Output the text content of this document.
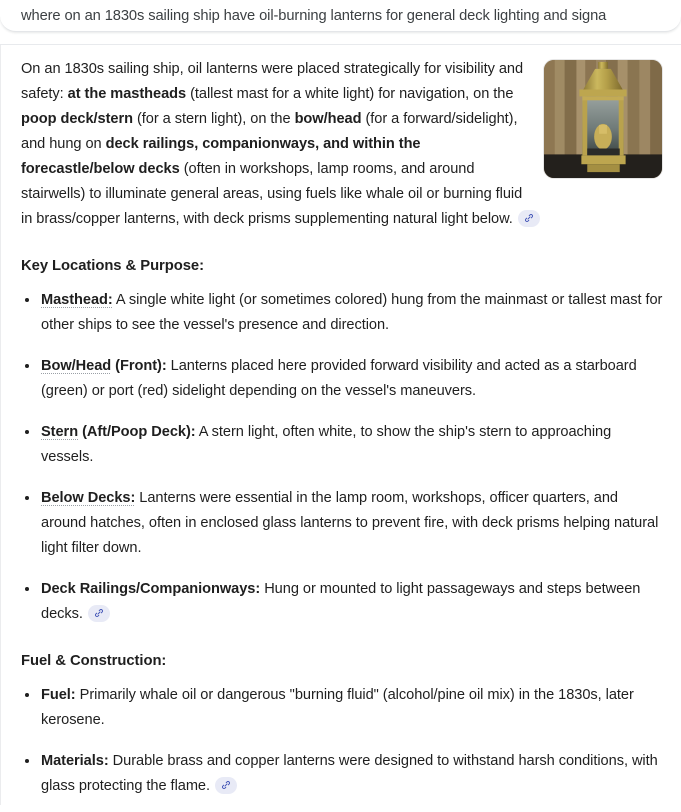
where on an 1830s sailing ship have oil-burning lanterns for general deck lighting and signa
On an 1830s sailing ship, oil lanterns were placed strategically for visibility and safety: at the mastheads (tallest mast for a white light) for navigation, on the poop deck/stern (for a stern light), on the bow/head (for a forward/sidelight), and hung on deck railings, companionways, and within the forecastle/below decks (often in workshops, lamp rooms, and around stairwells) to illuminate general areas, using fuels like whale oil or burning fluid in brass/copper lanterns, with deck prisms supplementing natural light below.
Key Locations & Purpose:
Masthead: A single white light (or sometimes colored) hung from the mainmast or tallest mast for other ships to see the vessel's presence and direction.
Bow/Head (Front): Lanterns placed here provided forward visibility and acted as a starboard (green) or port (red) sidelight depending on the vessel's maneuvers.
Stern (Aft/Poop Deck): A stern light, often white, to show the ship's stern to approaching vessels.
Below Decks: Lanterns were essential in the lamp room, workshops, officer quarters, and around hatches, often in enclosed glass lanterns to prevent fire, with deck prisms helping natural light filter down.
Deck Railings/Companionways: Hung or mounted to light passageways and steps between decks.
Fuel & Construction:
Fuel: Primarily whale oil or dangerous "burning fluid" (alcohol/pine oil mix) in the 1830s, later kerosene.
Materials: Durable brass and copper lanterns were designed to withstand harsh conditions, with glass protecting the flame.
